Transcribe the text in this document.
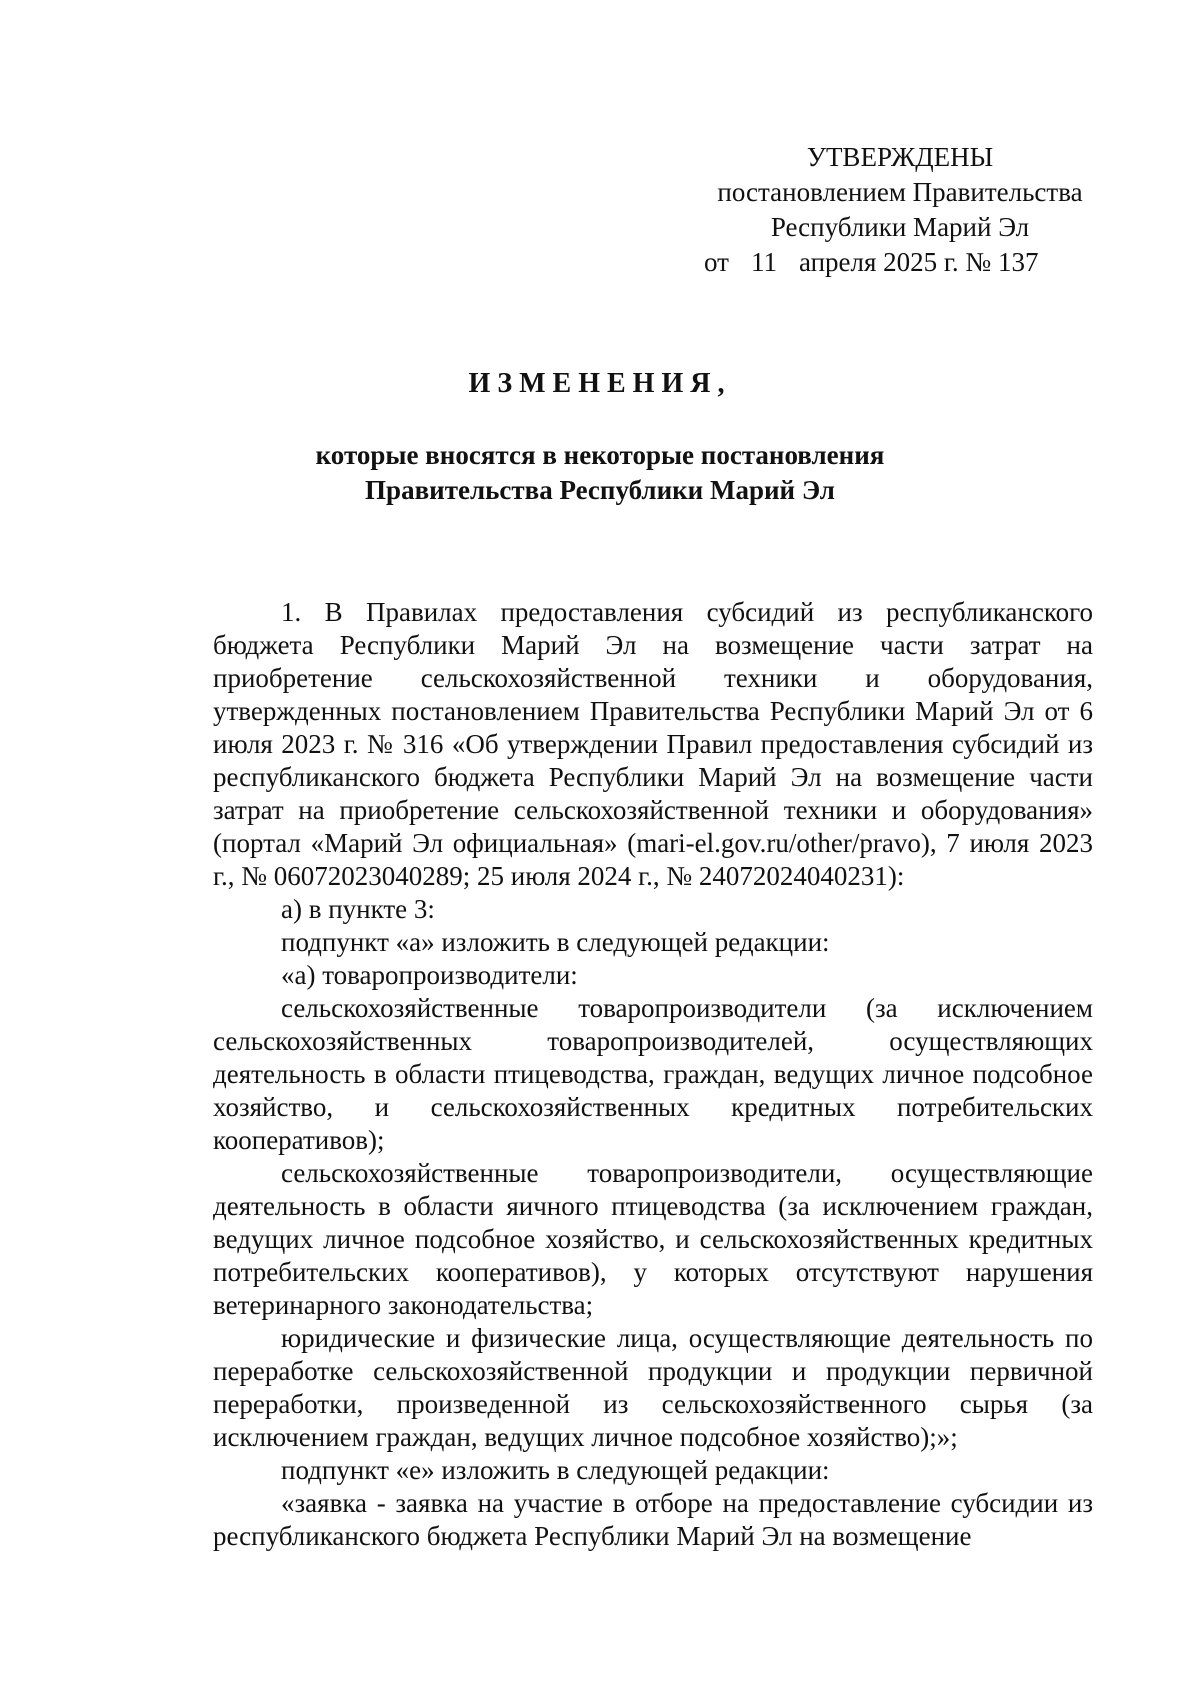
УТВЕРЖДЕНЫ
постановлением Правительства
Республики Марий Эл
от 11 апреля 2025 г. № 137
ИЗМЕНЕНИЯ,
которые вносятся в некоторые постановления
Правительства Республики Марий Эл

1. В Правилах предоставления субсидий из республиканского бюджета Республики Марий Эл на возмещение части затрат на приобретение сельскохозяйственной техники и оборудования, утвержденных постановлением Правительства Республики Марий Эл от 6 июля 2023 г. № 316 «Об утверждении Правил предоставления субсидий из республиканского бюджета Республики Марий Эл на возмещение части затрат на приобретение сельскохозяйственной техники и оборудования» (портал «Марий Эл официальная» (mari-el.gov.ru/other/pravo), 7 июля 2023 г., № 06072023040289; 25 июля 2024 г., № 24072024040231):

а) в пункте 3:

подпункт «а» изложить в следующей редакции:

«а) товаропроизводители:

сельскохозяйственные товаропроизводители (за исключением сельскохозяйственных товаропроизводителей, осуществляющих деятельность в области птицеводства, граждан, ведущих личное подсобное хозяйство, и сельскохозяйственных кредитных потребительских кооперативов);

сельскохозяйственные товаропроизводители, осуществляющие деятельность в области яичного птицеводства (за исключением граждан, ведущих личное подсобное хозяйство, и сельскохозяйственных кредитных потребительских кооперативов), у которых отсутствуют нарушения ветеринарного законодательства;

юридические и физические лица, осуществляющие деятельность по переработке сельскохозяйственной продукции и продукции первичной переработки, произведенной из сельскохозяйственного сырья (за исключением граждан, ведущих личное подсобное хозяйство);»;

подпункт «е» изложить в следующей редакции:

«заявка - заявка на участие в отборе на предоставление субсидии из республиканского бюджета Республики Марий Эл на возмещение
